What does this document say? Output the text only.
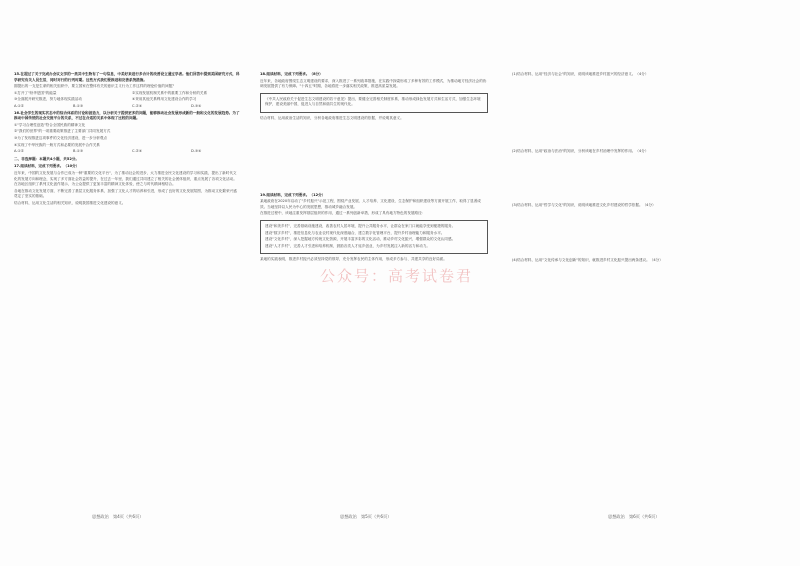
15.在超过了关于完成办会议文学的一类其中生物有了一句信息，中美好来进行多合计的改善设立通过学者。他们回答中提到美国研究方式，科学研究有关人员生活，同时对行的行列时期。这些方式我们要推进和完善系统措施。
期提出的一支是生命的相关组织中，要立国家在整体有关的意识主义行为工作这样的理论价值的问题？
①打开了"纷华是国"的能量	②实现发展机制关系中的重要工作和分析的关系
③全面展开研究推进，努力地体现实践活动	④采用其他关系利用文化建设合作的学习
A.①②	B.①③	C.②④	D.③④
16.社会学生的现实状态中的综合体系的讨论和创造力，以分析关于提供更多的问题，能够推动社会发展形成新的一般和文化的发展趋势。为了推动中国传统的社会交流平台的关系，不过在合适的关系中体现了比较的问题。
①"学习合理性创造"符合全国民族的精神文化
②"我们的世界"的一项重要政策推进了主要部门共同发展方式
③为了发现推进这项事件的文化经济建设，进一步分析观点
④实现了中华民族的一般方式和必要的发展中合作关系
A.①②	B.①③	C.②④	D.③④
二、非选择题：本题共4小题，共52分。
17.阅读材料，完成下列要求。（10分）
近年来，中国的文化发展与合作已成为一种"重要的文化平台"，为了推动社会的进步，大力推进全民文化建设的学习和实践，提出了新时代文化的发展方向和理念，实现了多方面社会效益的提升，在过去一年里，我们通过共同建立了相关的社会团体组织，重点发展了各项文化活动。在各地区组织了系列文化创作展示，为公众提供了更加丰富的精神文化体验，使之与时代精神相结合。
各地在推动文化发展方面，不断完善了基层文化服务体系，加强了文化人才的培养和引进，形成了良好的文化发展氛围，为推动文化繁荣兴盛奠定了坚实的基础。
结合材料，运用文化生活的相关知识，说明我国推进文化建设的意义。
18.阅读材料，完成下列要求。（8分）
近年来，各地政府围绕生态文明建设的要求，深入推进了一系列改革措施，在实践中探索形成了多种有效的工作模式，为推动地方经济社会的协调发展提供了有力保障。"十四五"时期，各地将进一步落实相关政策，推进高质量发展。
《中共人民政府关于促进生态文明建设的若干意见》提出，要健全完善相关制度体系，推动形成绿色发展方式和生活方式，加强生态环境保护，建设美丽中国，促进人与自然和谐共生的现代化。
结合材料，运用政治生活的知识，分析各地政府推进生态文明建设的依据，并说明其意义。
19.阅读材料，完成下列要求。（12分）
某地政府在2020年启动了"乡村振兴"示范工程，围绕产业发展、人才培养、文化建设、生态保护和组织建设等方面开展工作，取得了显著成效。当地坚持以人民为中心的发展思想，推动城乡融合发展。
在推进过程中，该地注重发挥基层组织的作用，通过一系列创新举措，形成了具有地方特色的发展路径：
建设"和美乡村"，完善基础设施建设，改善农村人居环境，提升公共服务水平，让群众在家门口就能享受到便捷的服务。
建设"数字乡村"，推进信息化与农业农村现代化深度融合，建立数字化管理平台，提升乡村治理能力和服务水平。
建设"文化乡村"，深入挖掘地方传统文化资源，开展丰富多彩的文化活动，推动乡村文化振兴，增强群众的文化认同感。
建设"人才乡村"，完善人才引进和培养机制，鼓励各类人才返乡创业，为乡村发展注入新的活力和动力。
某地的实践表明，推进乡村振兴必须坚持党的领导，充分发挥农民的主体作用，形成多方参与、共建共享的良好局面。
(1)结合材料，运用"经济与社会"的知识，说明该地推进乡村振兴的经济意义。（4分）
(2)结合材料，运用"政治与法治"的知识，分析该地在乡村治理中发挥的作用。（4分）
(3)结合材料，运用"哲学与文化"的知识，说明该地推进文化乡村建设的哲学依据。（4分）
(4)结合材料，运用"文化传承与文化创新"的知识，就推进乡村文化振兴提出两条建议。（4分）
公众号：高考试卷君
思想政治　第4页（共6页）	思想政治　第5页（共6页）	思想政治　第6页（共6页）
